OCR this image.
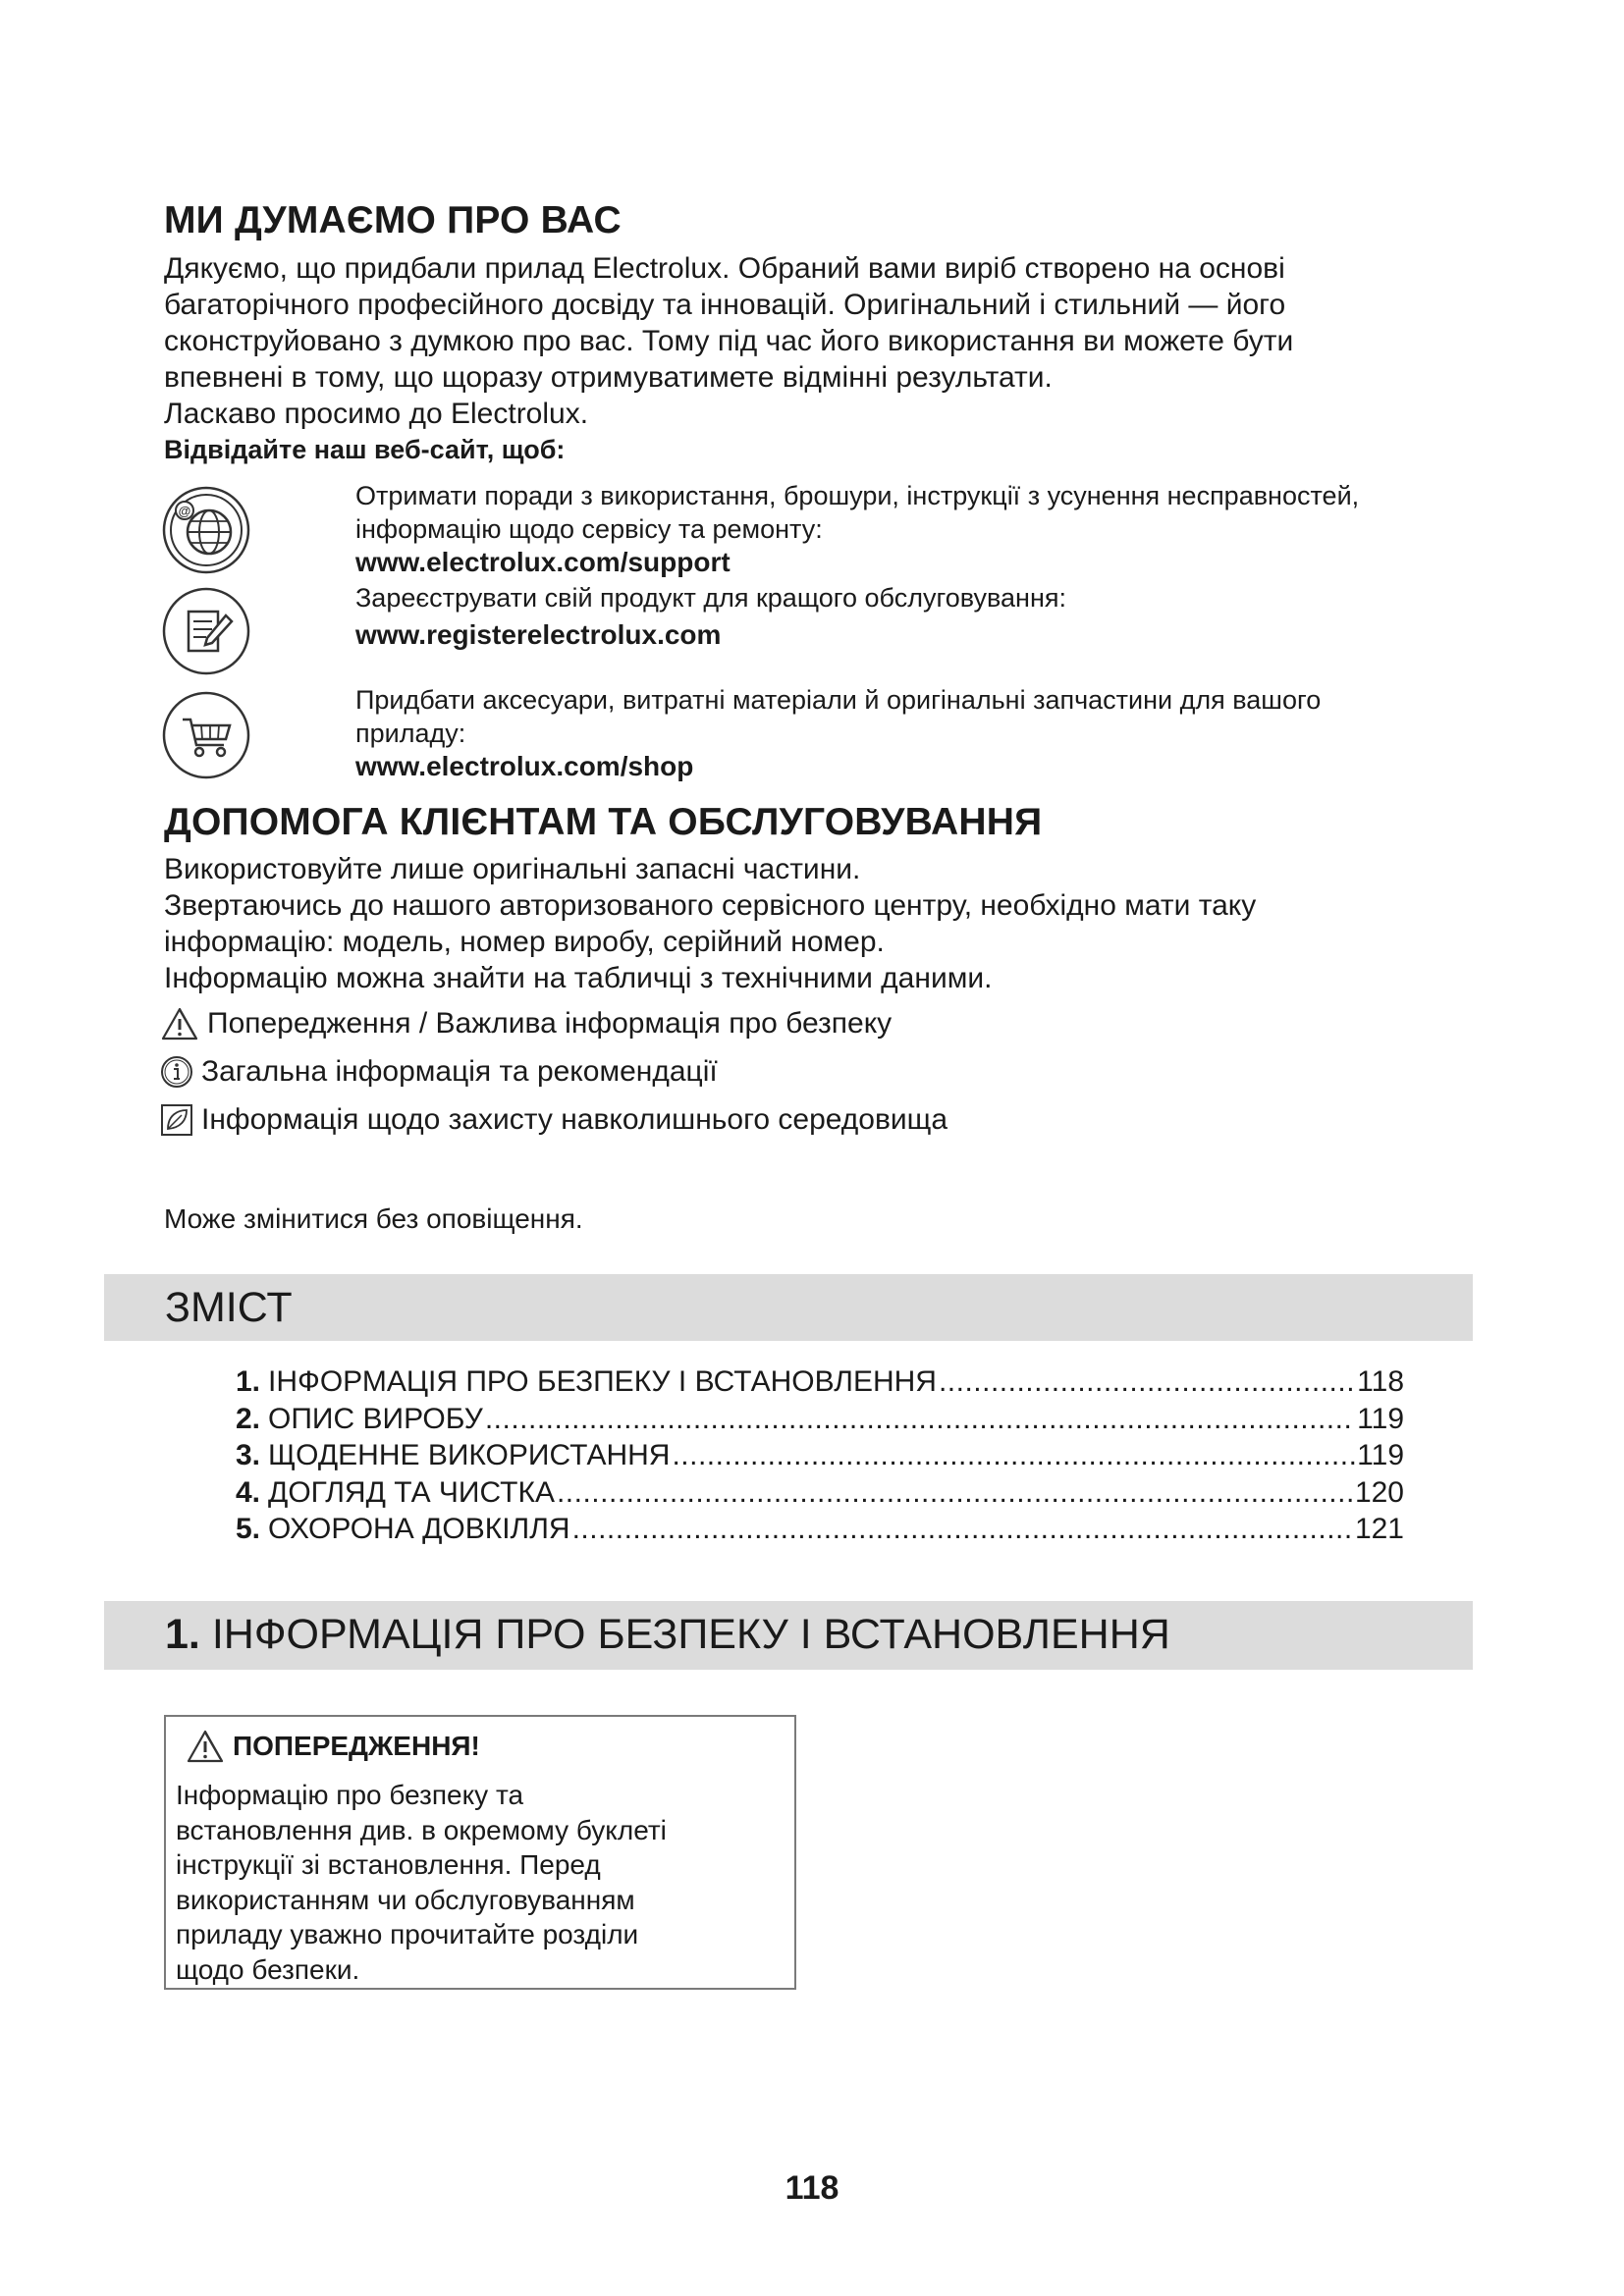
МИ ДУМАЄМО ПРО ВАС

Дякуємо, що придбали прилад Electrolux. Обраний вами виріб створено на основі

багаторічного професійного досвіду та інновацій. Оригінальний і стильний — його

сконструйовано з думкою про вас. Тому під час його використання ви можете бути

впевнені в тому, що щоразу отримуватимете відмінні результати.

Ласкаво просимо до Electrolux.

Відвідайте наш веб-сайт, щоб:

@
Отримати поради з використання, брошури, інструкції з усунення несправностей,
інформацію щодо сервісу та ремонту:
www.electrolux.com/support
Зареєструвати свій продукт для кращого обслуговування:
www.registerelectrolux.com
Придбати аксесуари, витратні матеріали й оригінальні запчастини для вашого
приладу:
www.electrolux.com/shop
ДОПОМОГА КЛІЄНТАМ ТА ОБСЛУГОВУВАННЯ

Використовуйте лише оригінальні запасні частини.

Звертаючись до нашого авторизованого сервісного центру, необхідно мати таку

інформацію: модель, номер виробу, серійний номер.

Інформацію можна знайти на табличці з технічними даними.

Попередження / Важлива інформація про безпеку
Загальна інформація та рекомендації
Інформація щодо захисту навколишнього середовища
Може змінитися без оповіщення.
ЗМІСТ
1. ІНФОРМАЦІЯ ПРО БЕЗПЕКУ І ВСТАНОВЛЕННЯ .....	118
2. ОПИС ВИРОБУ .....	119
3. ЩОДЕННЕ ВИКОРИСТАННЯ .....	119
4. ДОГЛЯД ТА ЧИСТКА .....	120
5. ОХОРОНА ДОВКІЛЛЯ .....	121
1. ІНФОРМАЦІЯ ПРО БЕЗПЕКУ І ВСТАНОВЛЕННЯ
ПОПЕРЕДЖЕННЯ!
Інформацію про безпеку та
встановлення див. в окремому буклеті
інструкції зі встановлення. Перед
використанням чи обслуговуванням
приладу уважно прочитайте розділи
щодо безпеки.
118
